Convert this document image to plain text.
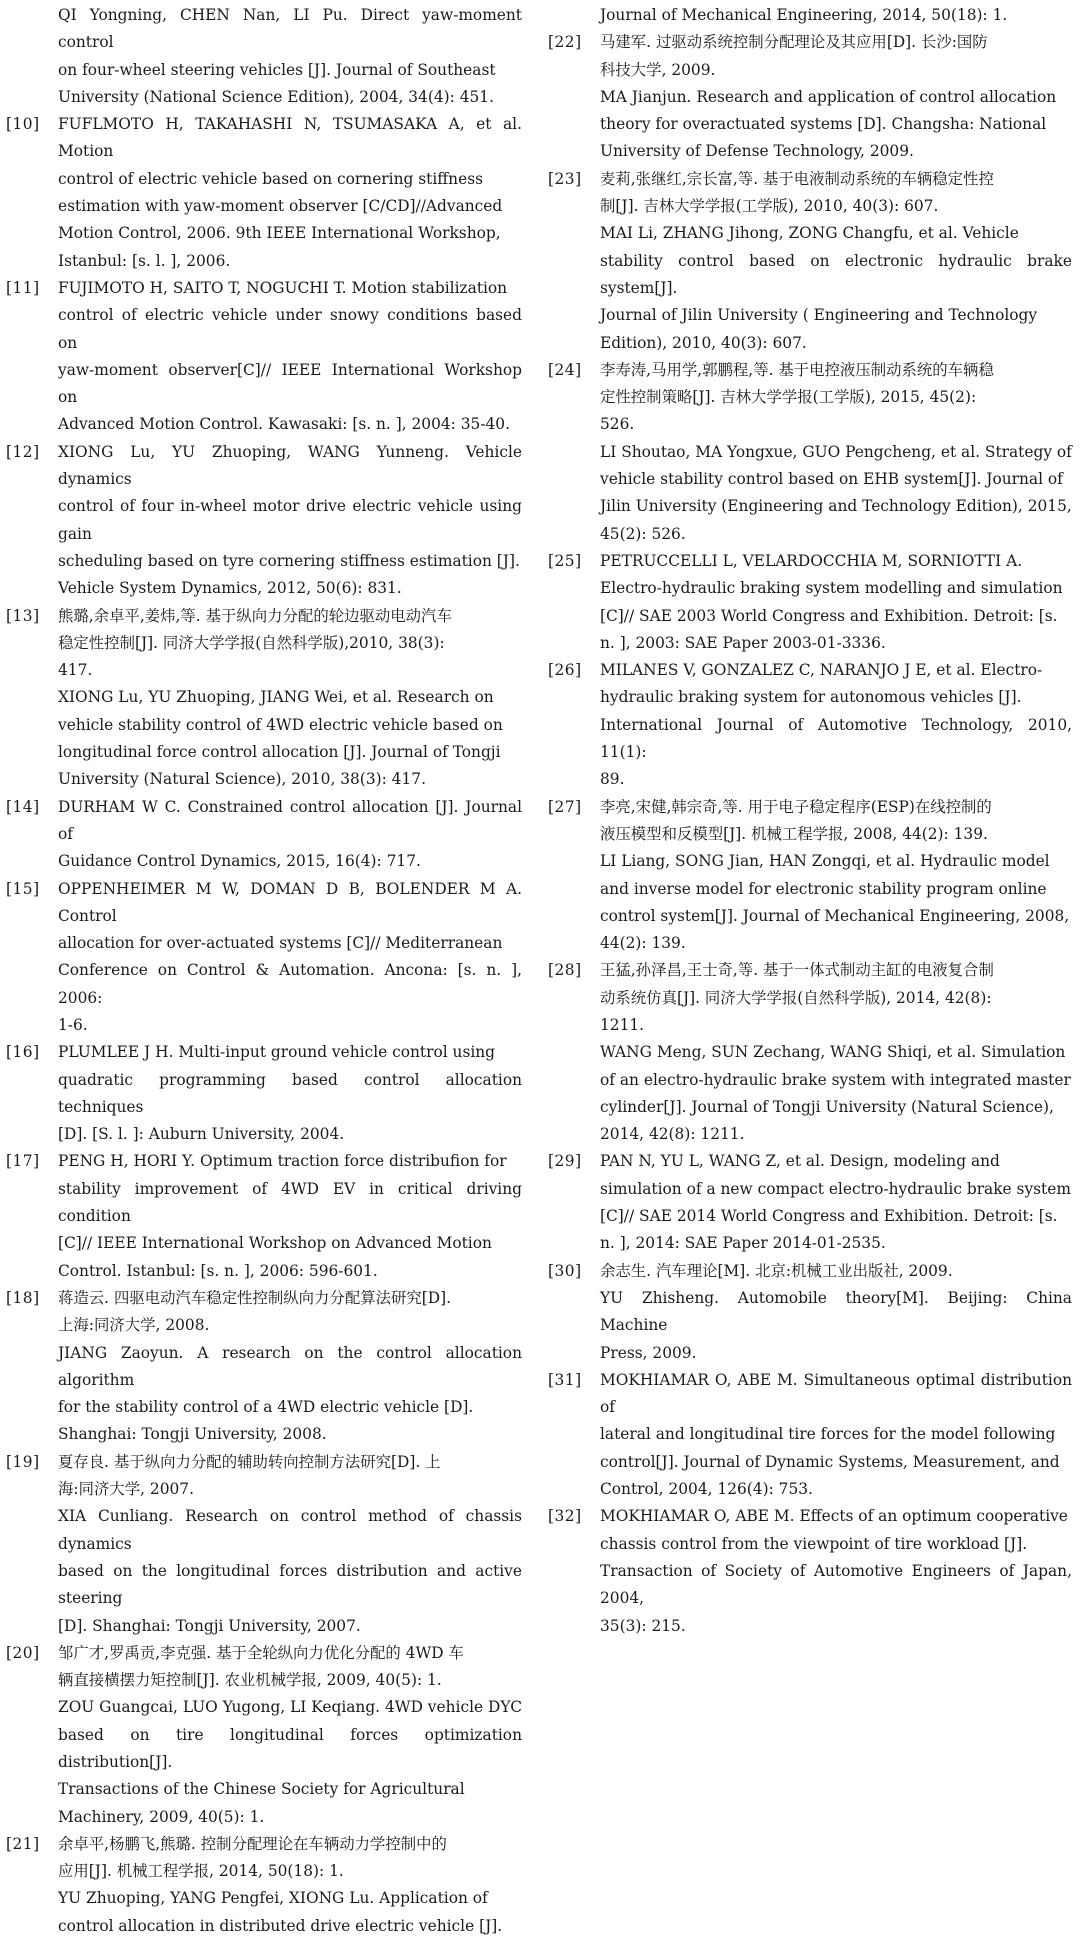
QI Yongning, CHEN Nan, LI Pu. Direct yaw-moment control
on four-wheel steering vehicles [J]. Journal of Southeast
University (National Science Edition), 2004, 34(4): 451.
[10]	FUFLMOTO H, TAKAHASHI N, TSUMASAKA A, et al. Motion
control of electric vehicle based on cornering stiffness
estimation with yaw-moment observer [C/CD]//Advanced
Motion Control, 2006. 9th IEEE International Workshop,
Istanbul: [s. l. ], 2006.
[11]	FUJIMOTO H, SAITO T, NOGUCHI T. Motion stabilization
control of electric vehicle under snowy conditions based on
yaw-moment observer[C]// IEEE International Workshop on
Advanced Motion Control. Kawasaki: [s. n. ], 2004: 35-40.
[12]	XIONG Lu, YU Zhuoping, WANG Yunneng. Vehicle dynamics
control of four in-wheel motor drive electric vehicle using gain
scheduling based on tyre cornering stiffness estimation [J].
Vehicle System Dynamics, 2012, 50(6): 831.
[13]	熊璐,余卓平,姜炜,等. 基于纵向力分配的轮边驱动电动汽车
稳定性控制[J]. 同济大学学报(自然科学版),2010, 38(3):
417.
XIONG Lu, YU Zhuoping, JIANG Wei, et al. Research on
vehicle stability control of 4WD electric vehicle based on
longitudinal force control allocation [J]. Journal of Tongji
University (Natural Science), 2010, 38(3): 417.
[14]	DURHAM W C. Constrained control allocation [J]. Journal of
Guidance Control Dynamics, 2015, 16(4): 717.
[15]	OPPENHEIMER M W, DOMAN D B, BOLENDER M A. Control
allocation for over-actuated systems [C]// Mediterranean
Conference on Control & Automation. Ancona: [s. n. ], 2006:
1-6.
[16]	PLUMLEE J H. Multi-input ground vehicle control using
quadratic programming based control allocation techniques
[D]. [S. l. ]: Auburn University, 2004.
[17]	PENG H, HORI Y. Optimum traction force distribufion for
stability improvement of 4WD EV in critical driving condition
[C]// IEEE International Workshop on Advanced Motion
Control. Istanbul: [s. n. ], 2006: 596-601.
[18]	蒋造云. 四驱电动汽车稳定性控制纵向力分配算法研究[D].
上海:同济大学, 2008.
JIANG Zaoyun. A research on the control allocation algorithm
for the stability control of a 4WD electric vehicle [D].
Shanghai: Tongji University, 2008.
[19]	夏存良. 基于纵向力分配的辅助转向控制方法研究[D]. 上
海:同济大学, 2007.
XIA Cunliang. Research on control method of chassis dynamics
based on the longitudinal forces distribution and active steering
[D]. Shanghai: Tongji University, 2007.
[20]	邹广才,罗禹贡,李克强. 基于全轮纵向力优化分配的 4WD 车
辆直接横摆力矩控制[J]. 农业机械学报, 2009, 40(5): 1.
ZOU Guangcai, LUO Yugong, LI Keqiang. 4WD vehicle DYC
based on tire longitudinal forces optimization distribution[J].
Transactions of the Chinese Society for Agricultural
Machinery, 2009, 40(5): 1.
[21]	余卓平,杨鹏飞,熊璐. 控制分配理论在车辆动力学控制中的
应用[J]. 机械工程学报, 2014, 50(18): 1.
YU Zhuoping, YANG Pengfei, XIONG Lu. Application of
control allocation in distributed drive electric vehicle [J].
Journal of Mechanical Engineering, 2014, 50(18): 1.
[22]	马建军. 过驱动系统控制分配理论及其应用[D]. 长沙:国防
科技大学, 2009.
MA Jianjun. Research and application of control allocation
theory for overactuated systems [D]. Changsha: National
University of Defense Technology, 2009.
[23]	麦莉,张继红,宗长富,等. 基于电液制动系统的车辆稳定性控
制[J]. 吉林大学学报(工学版), 2010, 40(3): 607.
MAI Li, ZHANG Jihong, ZONG Changfu, et al. Vehicle
stability control based on electronic hydraulic brake system[J].
Journal of Jilin University ( Engineering and Technology
Edition), 2010, 40(3): 607.
[24]	李寿涛,马用学,郭鹏程,等. 基于电控液压制动系统的车辆稳
定性控制策略[J]. 吉林大学学报(工学版), 2015, 45(2):
526.
LI Shoutao, MA Yongxue, GUO Pengcheng, et al. Strategy of
vehicle stability control based on EHB system[J]. Journal of
Jilin University (Engineering and Technology Edition), 2015,
45(2): 526.
[25]	PETRUCCELLI L, VELARDOCCHIA M, SORNIOTTI A.
Electro-hydraulic braking system modelling and simulation
[C]// SAE 2003 World Congress and Exhibition. Detroit: [s.
n. ], 2003: SAE Paper 2003-01-3336.
[26]	MILANES V, GONZALEZ C, NARANJO J E, et al. Electro-
hydraulic braking system for autonomous vehicles [J].
International Journal of Automotive Technology, 2010, 11(1):
89.
[27]	李亮,宋健,韩宗奇,等. 用于电子稳定程序(ESP)在线控制的
液压模型和反模型[J]. 机械工程学报, 2008, 44(2): 139.
LI Liang, SONG Jian, HAN Zongqi, et al. Hydraulic model
and inverse model for electronic stability program online
control system[J]. Journal of Mechanical Engineering, 2008,
44(2): 139.
[28]	王猛,孙泽昌,王士奇,等. 基于一体式制动主缸的电液复合制
动系统仿真[J]. 同济大学学报(自然科学版), 2014, 42(8):
1211.
WANG Meng, SUN Zechang, WANG Shiqi, et al. Simulation
of an electro-hydraulic brake system with integrated master
cylinder[J]. Journal of Tongji University (Natural Science),
2014, 42(8): 1211.
[29]	PAN N, YU L, WANG Z, et al. Design, modeling and
simulation of a new compact electro-hydraulic brake system
[C]// SAE 2014 World Congress and Exhibition. Detroit: [s.
n. ], 2014: SAE Paper 2014-01-2535.
[30]	余志生. 汽车理论[M]. 北京:机械工业出版社, 2009.
YU Zhisheng. Automobile theory[M]. Beijing: China Machine
Press, 2009.
[31]	MOKHIAMAR O, ABE M. Simultaneous optimal distribution of
lateral and longitudinal tire forces for the model following
control[J]. Journal of Dynamic Systems, Measurement, and
Control, 2004, 126(4): 753.
[32]	MOKHIAMAR O, ABE M. Effects of an optimum cooperative
chassis control from the viewpoint of tire workload [J].
Transaction of Society of Automotive Engineers of Japan, 2004,
35(3): 215.
